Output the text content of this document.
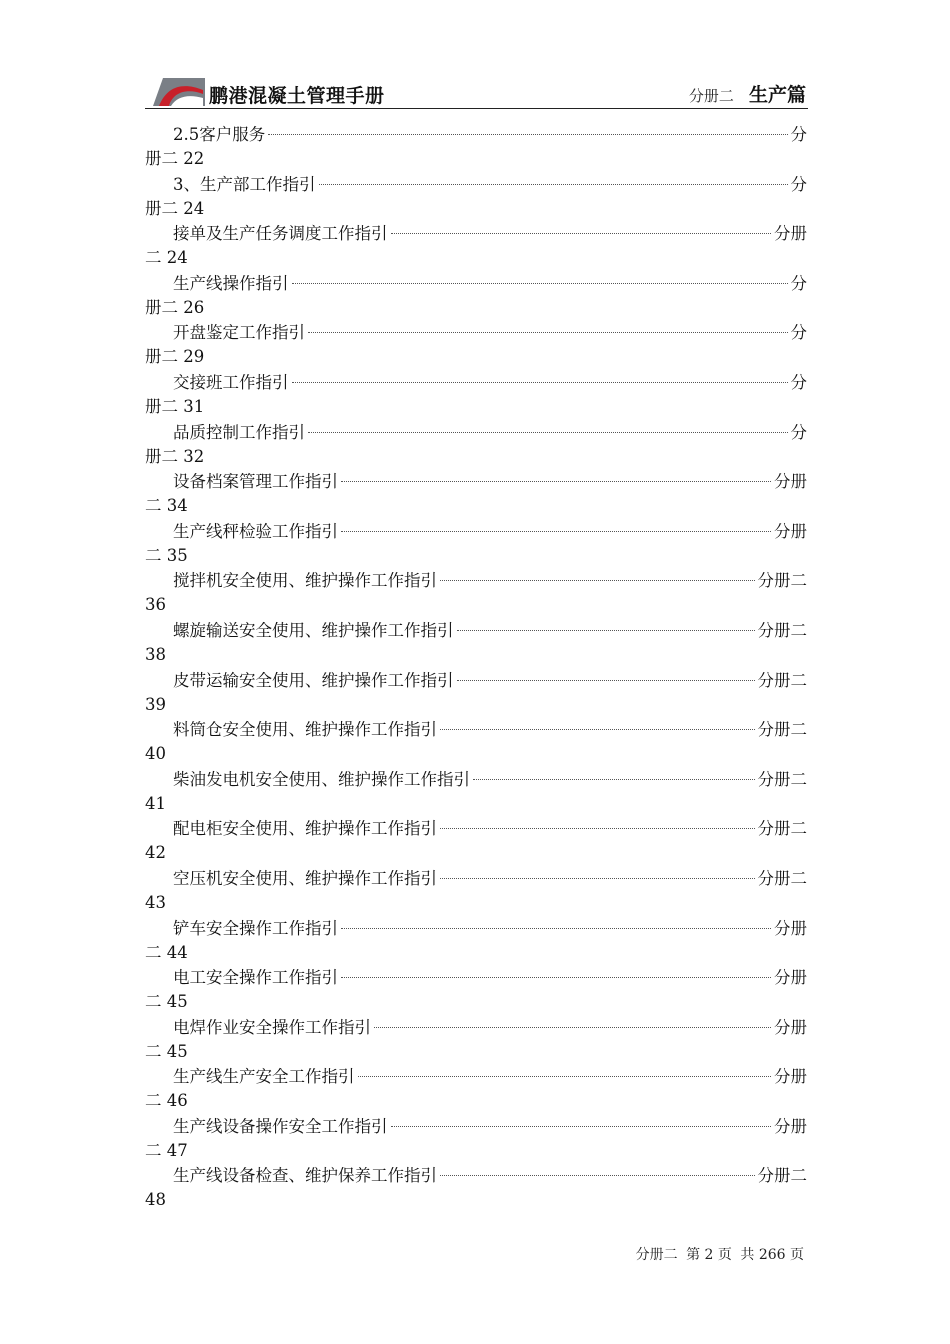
鹏港混凝土管理手册	分册二 生产篇
2.5客户服务	分
册二 22
3、生产部工作指引	分
册二 24
接单及生产任务调度工作指引	分册
二 24
生产线操作指引	分
册二 26
开盘鉴定工作指引	分
册二 29
交接班工作指引	分
册二 31
品质控制工作指引	分
册二 32
设备档案管理工作指引	分册
二 34
生产线秤检验工作指引	分册
二 35
搅拌机安全使用、维护操作工作指引	分册二
36
螺旋输送安全使用、维护操作工作指引	分册二
38
皮带运输安全使用、维护操作工作指引	分册二
39
料筒仓安全使用、维护操作工作指引	分册二
40
柴油发电机安全使用、维护操作工作指引	分册二
41
配电柜安全使用、维护操作工作指引	分册二
42
空压机安全使用、维护操作工作指引	分册二
43
铲车安全操作工作指引	分册
二 44
电工安全操作工作指引	分册
二 45
电焊作业安全操作工作指引	分册
二 45
生产线生产安全工作指引	分册
二 46
生产线设备操作安全工作指引	分册
二 47
生产线设备检查、维护保养工作指引	分册二
48
分册二 第 2 页 共 266 页
